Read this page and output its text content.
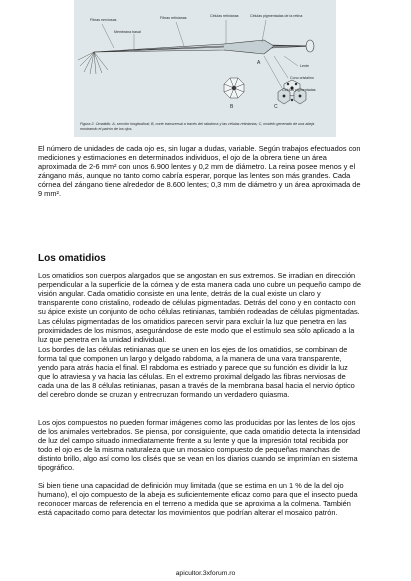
Fibras nerviosas	Fibras retinianas	Células retinianas	Células pigmentadas de la retina
Membrana basal
Lente
Cono cristalino
Células pigmentadas
A
B	C
Figura 2. Omatidio. A, sección longitudinal; B, corte transversal a través del rabdoma y las células retinianas; C, modelo generado de una abeja mostrando el patrón de los ojos.

El número de unidades de cada ojo es, sin lugar a dudas, variable. Según trabajos efectuados con mediciones y estimaciones en determinados individuos, el ojo de la obrera tiene un área aproximada de 2-6 mm² con unos 6.900 lentes y 0,2 mm de diámetro. La reina posee menos y el zángano más, aunque no tanto como cabría esperar, porque las lentes son más grandes. Cada córnea del zángano tiene alrededor de 8.600 lentes; 0,3 mm de diámetro y un área aproximada de 9 mm².

Los omatidios

Los omatidios son cuerpos alargados que se angostan en sus extremos. Se irradian en dirección perpendicular a la superficie de la córnea y de esta manera cada uno cubre un pequeño campo de visión angular. Cada omatidio consiste en una lente, detrás de la cual existe un claro y transparente cono cristalino, rodeado de células pigmentadas. Detrás del cono y en contacto con su ápice existe un conjunto de ocho células retinianas, también rodeadas de células pigmentadas.

Las células pigmentadas de los omatidios parecen servir para excluir la luz que penetra en las proximidades de los mismos, asegurándose de este modo que el estímulo sea sólo aplicado a la luz que penetra en la unidad individual.

Los bordes de las células retinianas que se unen en los ejes de los omatidios, se combinan de forma tal que componen un largo y delgado rabdoma, a la manera de una vara transparente, yendo para atrás hacia el final. El rabdoma es estriado y parece que su función es dividir la luz que lo atraviesa y va hacia las células. En el extremo proximal delgado las fibras nerviosas de cada una de las 8 células retinianas, pasan a través de la membrana basal hacia el nervio óptico del cerebro donde se cruzan y entrecruzan formando un verdadero quiasma.

Los ojos compuestos no pueden formar imágenes como las producidas por las lentes de los ojos de los animales vertebrados. Se piensa, por consiguiente, que cada omatidio detecta la intensidad de luz del campo situado inmediatamente frente a su lente y que la impresión total recibida por todo el ojo es de la misma naturaleza que un mosaico compuesto de pequeñas manchas de distinto brillo, algo así como los clisés que se vean en los diarios cuando se imprimían en sistema tipográfico.

Si bien tiene una capacidad de definición muy limitada (que se estima en un 1 % de la del ojo humano), el ojo compuesto de la abeja es suficientemente eficaz como para que el insecto pueda reconocer marcas de referencia en el terreno a medida que se aproxima a la colmena. También está capacitado como para detectar los movimientos que podrían alterar el mosaico patrón.

apicultor.3xforum.ro
